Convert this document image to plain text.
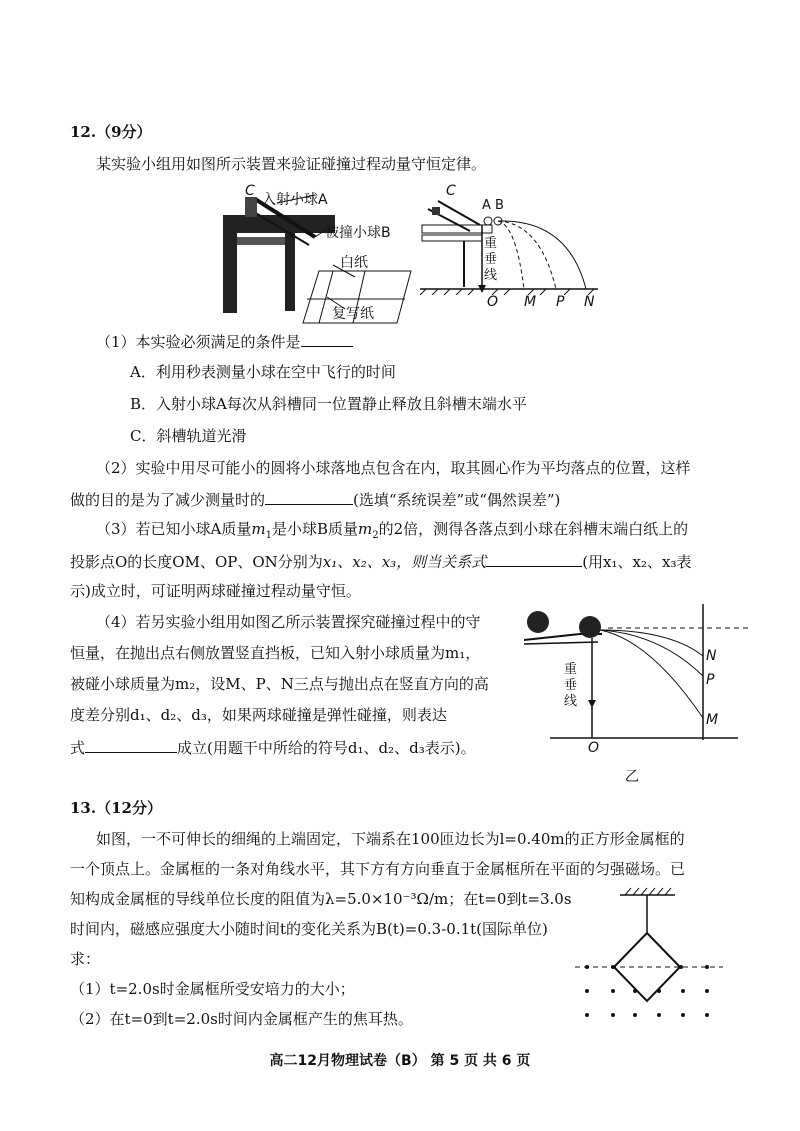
12.（9分）
某实验小组用如图所示装置来验证碰撞过程动量守恒定律。
C
入射小球A
被撞小球B
白纸
复写纸
C
A B
重
垂
线
O M P N
（1）本实验必须满足的条件是
A．利用秒表测量小球在空中飞行的时间
B．入射小球A每次从斜槽同一位置静止释放且斜槽末端水平
C．斜槽轨道光滑
（2）实验中用尽可能小的圆将小球落地点包含在内，取其圆心作为平均落点的位置，这样
做的目的是为了减少测量时的	(选填“系统误差”或“偶然误差”)
（3）若已知小球A质量$m_1$是小球B质量$m_2$的2倍，测得各落点到小球在斜槽末端白纸上的
投影点O的长度OM、OP、ON分别为x₁、x₂、x₃，则当关系式	(用x₁、x₂、x₃表
示)成立时，可证明两球碰撞过程动量守恒。
（4）若另实验小组用如图乙所示装置探究碰撞过程中的守
恒量，在抛出点右侧放置竖直挡板，已知入射小球质量为m₁，
被碰小球质量为m₂，设M、P、N三点与抛出点在竖直方向的高
度差分别d₁、d₂、d₃，如果两球碰撞是弹性碰撞，则表达
式	成立(用题干中所给的符号d₁、d₂、d₃表示)。
重
垂
线
N
P
M
O
乙
13.（12分）
如图，一不可伸长的细绳的上端固定，下端系在100匝边长为l=0.40m的正方形金属框的
一个顶点上。金属框的一条对角线水平，其下方有方向垂直于金属框所在平面的匀强磁场。已
知构成金属框的导线单位长度的阻值为λ=5.0×10⁻³Ω/m；在t=0到t=3.0s
时间内，磁感应强度大小随时间t的变化关系为B(t)=0.3-0.1t(国际单位)
求：
（1）t=2.0s时金属框所受安培力的大小；
（2）在t=0到t=2.0s时间内金属框产生的焦耳热。
高二12月物理试卷（B） 第 5 页 共 6 页
